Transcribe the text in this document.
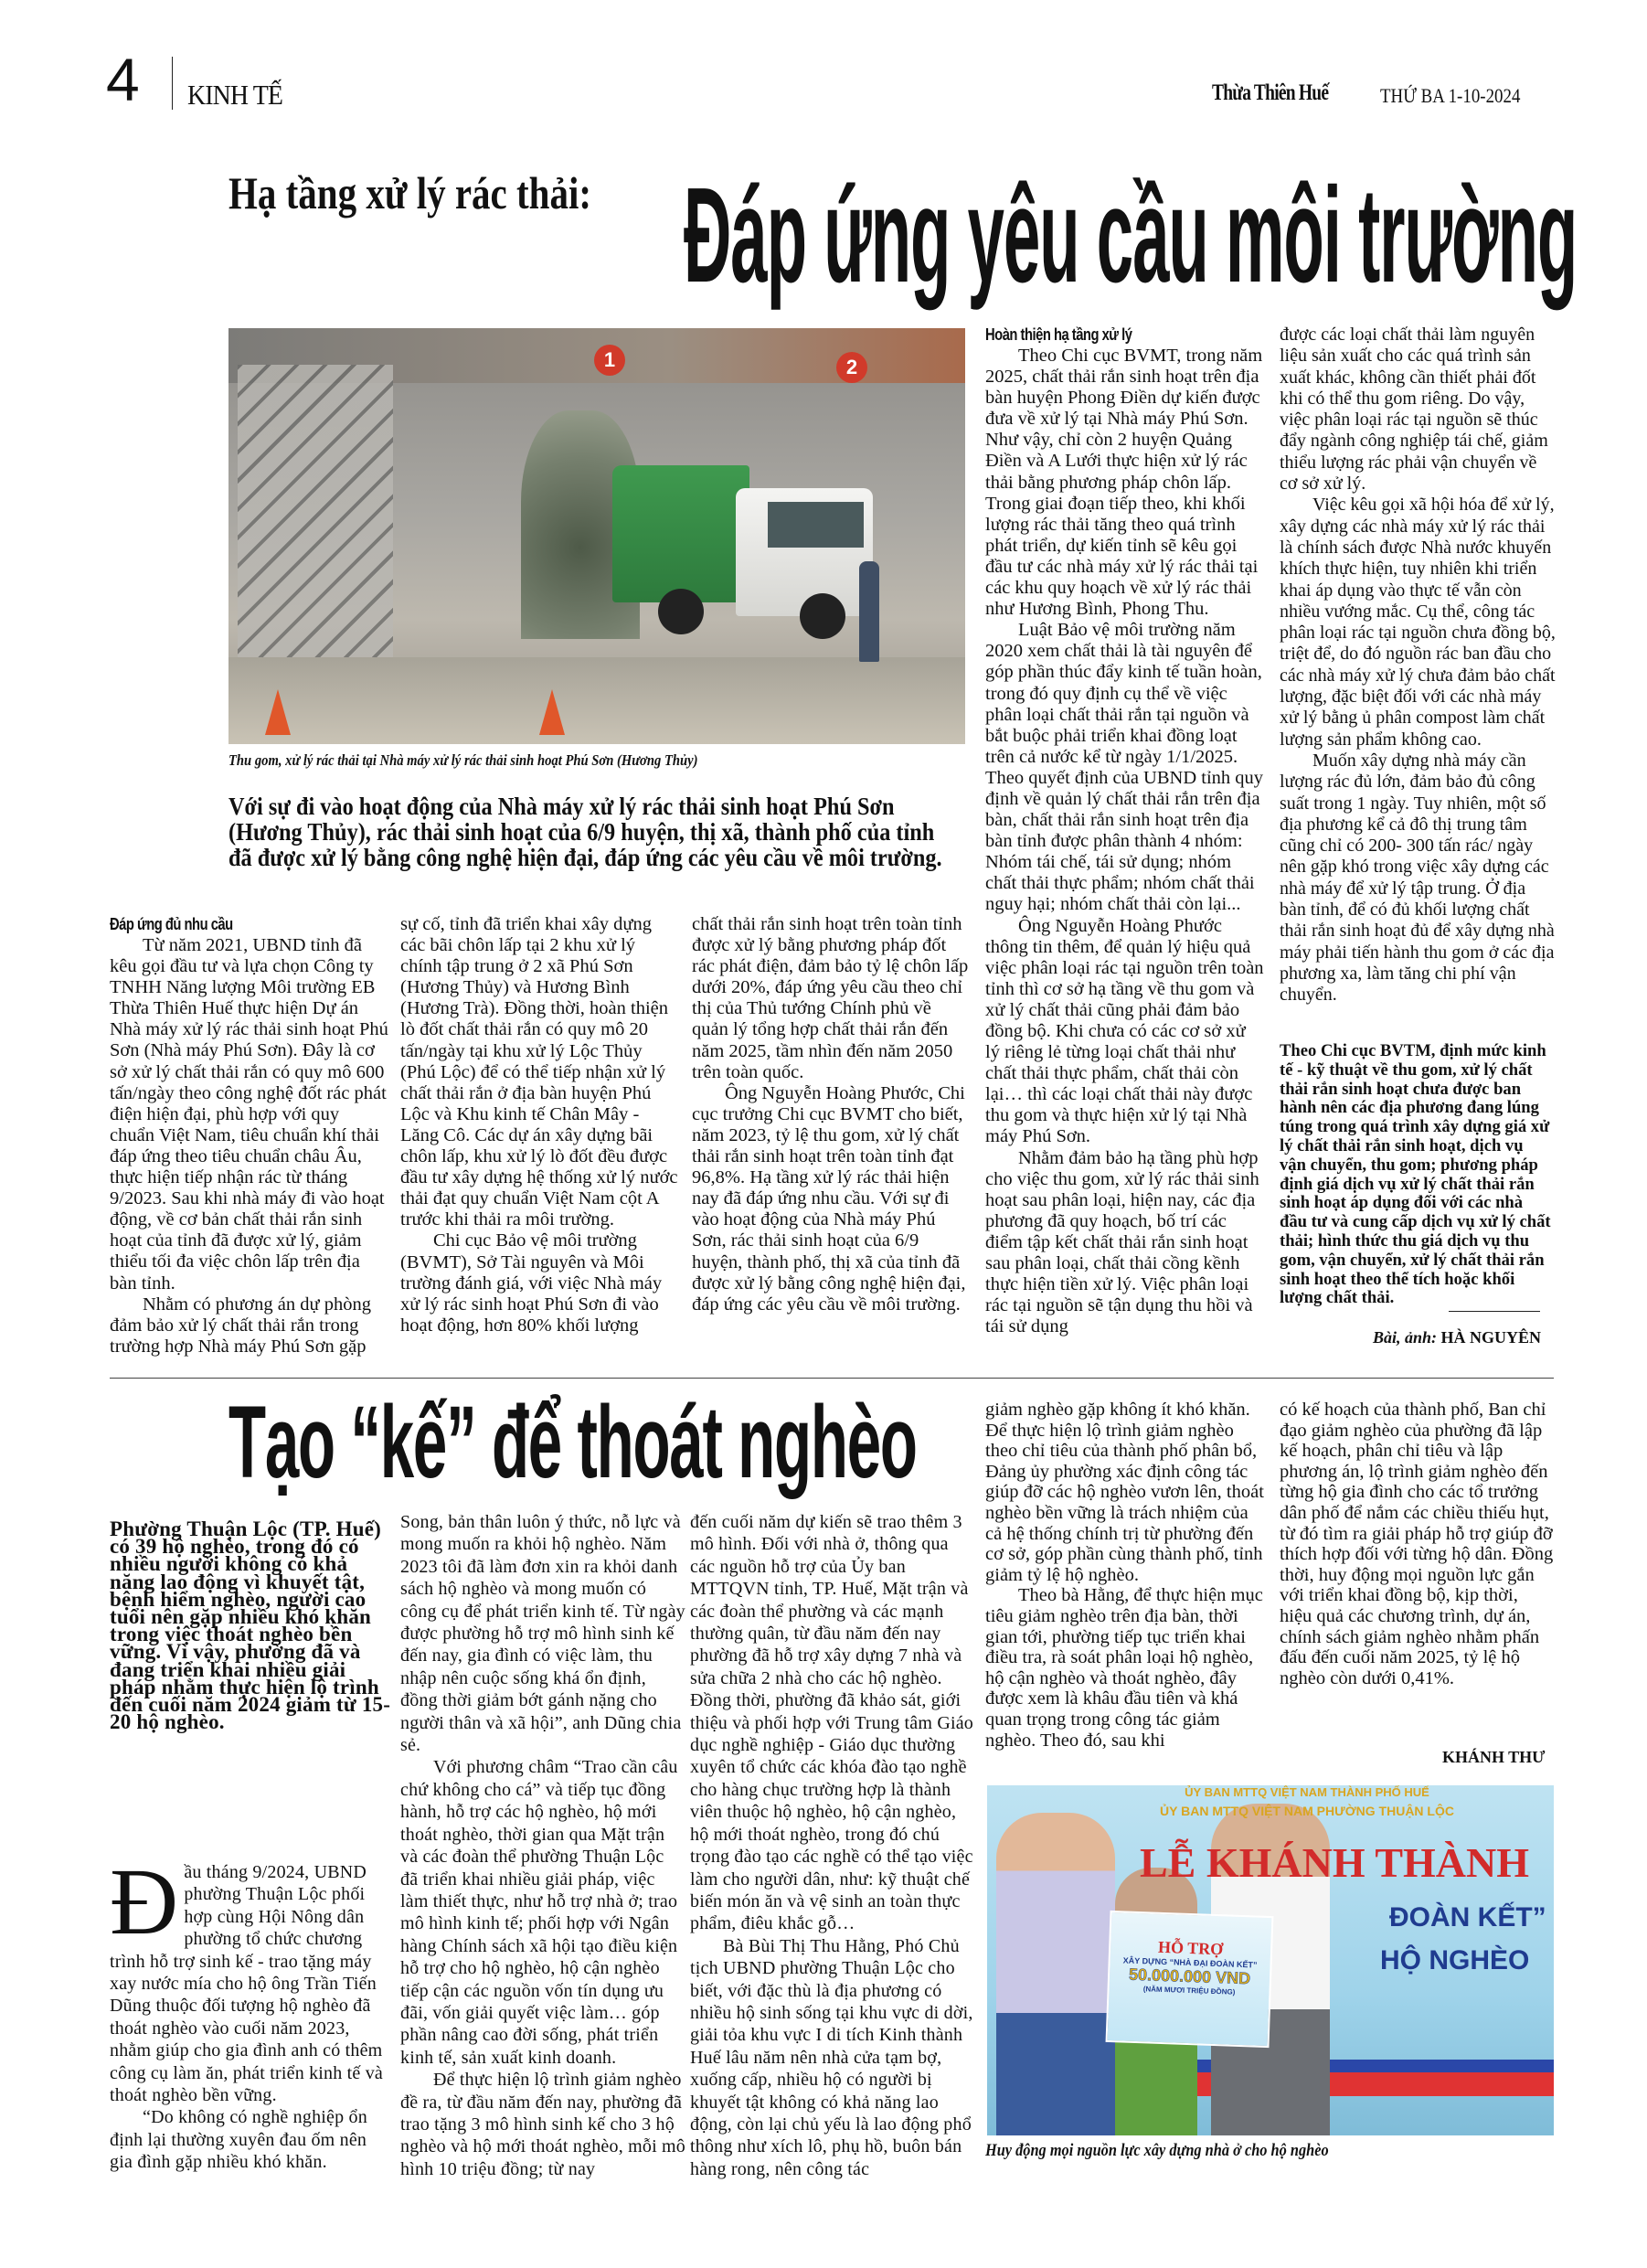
4 KINH TẾ	Thừa Thiên Huế	THỨ BA 1-10-2024
Hạ tầng xử lý rác thải: Đáp ứng yêu cầu môi trường
1	2
Thu gom, xử lý rác thải tại Nhà máy xử lý rác thải sinh hoạt Phú Sơn (Hương Thủy)
Với sự đi vào hoạt động của Nhà máy xử lý rác thải sinh hoạt Phú Sơn (Hương Thủy), rác thải sinh hoạt của 6/9 huyện, thị xã, thành phố của tỉnh đã được xử lý bằng công nghệ hiện đại, đáp ứng các yêu cầu về môi trường.
Đáp ứng đủ nhu cầu

Từ năm 2021, UBND tỉnh đã kêu gọi đầu tư và lựa chọn Công ty TNHH Năng lượng Môi trường EB Thừa Thiên Huế thực hiện Dự án Nhà máy xử lý rác thải sinh hoạt Phú Sơn (Nhà máy Phú Sơn). Đây là cơ sở xử lý chất thải rắn có quy mô 600 tấn/ngày theo công nghệ đốt rác phát điện hiện đại, phù hợp với quy chuẩn Việt Nam, tiêu chuẩn khí thải đáp ứng theo tiêu chuẩn châu Âu, thực hiện tiếp nhận rác từ tháng 9/2023. Sau khi nhà máy đi vào hoạt động, về cơ bản chất thải rắn sinh hoạt của tỉnh đã được xử lý, giảm thiểu tối đa việc chôn lấp trên địa bàn tỉnh.

Nhằm có phương án dự phòng đảm bảo xử lý chất thải rắn trong trường hợp Nhà máy Phú Sơn gặp

sự cố, tỉnh đã triển khai xây dựng các bãi chôn lấp tại 2 khu xử lý chính tập trung ở 2 xã Phú Sơn (Hương Thủy) và Hương Bình (Hương Trà). Đồng thời, hoàn thiện lò đốt chất thải rắn có quy mô 20 tấn/ngày tại khu xử lý Lộc Thủy (Phú Lộc) để có thể tiếp nhận xử lý chất thải rắn ở địa bàn huyện Phú Lộc và Khu kinh tế Chân Mây - Lăng Cô. Các dự án xây dựng bãi chôn lấp, khu xử lý lò đốt đều được đầu tư xây dựng hệ thống xử lý nước thải đạt quy chuẩn Việt Nam cột A trước khi thải ra môi trường.

Chi cục Bảo vệ môi trường (BVMT), Sở Tài nguyên và Môi trường đánh giá, với việc Nhà máy xử lý rác sinh hoạt Phú Sơn đi vào hoạt động, hơn 80% khối lượng

chất thải rắn sinh hoạt trên toàn tỉnh được xử lý bằng phương pháp đốt rác phát điện, đảm bảo tỷ lệ chôn lấp dưới 20%, đáp ứng yêu cầu theo chỉ thị của Thủ tướng Chính phủ về quản lý tổng hợp chất thải rắn đến năm 2025, tầm nhìn đến năm 2050 trên toàn quốc.

Ông Nguyễn Hoàng Phước, Chi cục trưởng Chi cục BVMT cho biết, năm 2023, tỷ lệ thu gom, xử lý chất thải rắn sinh hoạt trên toàn tỉnh đạt 96,8%. Hạ tầng xử lý rác thải hiện nay đã đáp ứng nhu cầu. Với sự đi vào hoạt động của Nhà máy Phú Sơn, rác thải sinh hoạt của 6/9 huyện, thành phố, thị xã của tỉnh đã được xử lý bằng công nghệ hiện đại, đáp ứng các yêu cầu về môi trường.

Hoàn thiện hạ tầng xử lý

Theo Chi cục BVMT, trong năm 2025, chất thải rắn sinh hoạt trên địa bàn huyện Phong Điền dự kiến được đưa về xử lý tại Nhà máy Phú Sơn. Như vậy, chỉ còn 2 huyện Quảng Điền và A Lưới thực hiện xử lý rác thải bằng phương pháp chôn lấp. Trong giai đoạn tiếp theo, khi khối lượng rác thải tăng theo quá trình phát triển, dự kiến tỉnh sẽ kêu gọi đầu tư các nhà máy xử lý rác thải tại các khu quy hoạch về xử lý rác thải như Hương Bình, Phong Thu.

Luật Bảo vệ môi trường năm 2020 xem chất thải là tài nguyên để góp phần thúc đẩy kinh tế tuần hoàn, trong đó quy định cụ thể về việc phân loại chất thải rắn tại nguồn và bắt buộc phải triển khai đồng loạt trên cả nước kể từ ngày 1/1/2025. Theo quyết định của UBND tỉnh quy định về quản lý chất thải rắn trên địa bàn, chất thải rắn sinh hoạt trên địa bàn tỉnh được phân thành 4 nhóm: Nhóm tái chế, tái sử dụng; nhóm chất thải thực phẩm; nhóm chất thải nguy hại; nhóm chất thải còn lại...

Ông Nguyễn Hoàng Phước thông tin thêm, để quản lý hiệu quả việc phân loại rác tại nguồn trên toàn tỉnh thì cơ sở hạ tầng về thu gom và xử lý chất thải cũng phải đảm bảo đồng bộ. Khi chưa có các cơ sở xử lý riêng lẻ từng loại chất thải như chất thải thực phẩm, chất thải còn lại… thì các loại chất thải này được thu gom và thực hiện xử lý tại Nhà máy Phú Sơn.

Nhằm đảm bảo hạ tầng phù hợp cho việc thu gom, xử lý rác thải sinh hoạt sau phân loại, hiện nay, các địa phương đã quy hoạch, bố trí các điểm tập kết chất thải rắn sinh hoạt sau phân loại, chất thải cồng kềnh thực hiện tiền xử lý. Việc phân loại rác tại nguồn sẽ tận dụng thu hồi và tái sử dụng

được các loại chất thải làm nguyên liệu sản xuất cho các quá trình sản xuất khác, không cần thiết phải đốt khi có thể thu gom riêng. Do vậy, việc phân loại rác tại nguồn sẽ thúc đẩy ngành công nghiệp tái chế, giảm thiểu lượng rác phải vận chuyển về cơ sở xử lý.

Việc kêu gọi xã hội hóa để xử lý, xây dựng các nhà máy xử lý rác thải là chính sách được Nhà nước khuyến khích thực hiện, tuy nhiên khi triển khai áp dụng vào thực tế vẫn còn nhiều vướng mắc. Cụ thể, công tác phân loại rác tại nguồn chưa đồng bộ, triệt để, do đó nguồn rác ban đầu cho các nhà máy xử lý chưa đảm bảo chất lượng, đặc biệt đối với các nhà máy xử lý bằng ủ phân compost làm chất lượng sản phẩm không cao.

Muốn xây dựng nhà máy cần lượng rác đủ lớn, đảm bảo đủ công suất trong 1 ngày. Tuy nhiên, một số địa phương kể cả đô thị trung tâm cũng chỉ có 200- 300 tấn rác/ ngày nên gặp khó trong việc xây dựng các nhà máy để xử lý tập trung. Ở địa bàn tỉnh, để có đủ khối lượng chất thải rắn sinh hoạt đủ để xây dựng nhà máy phải tiến hành thu gom ở các địa phương xa, làm tăng chi phí vận chuyển.

Theo Chi cục BVTM, định mức kinh tế - kỹ thuật về thu gom, xử lý chất thải rắn sinh hoạt chưa được ban hành nên các địa phương đang lúng túng trong quá trình xây dựng giá xử lý chất thải rắn sinh hoạt, dịch vụ vận chuyển, thu gom; phương pháp định giá dịch vụ xử lý chất thải rắn sinh hoạt áp dụng đối với các nhà đầu tư và cung cấp dịch vụ xử lý chất thải; hình thức thu giá dịch vụ thu gom, vận chuyển, xử lý chất thải rắn sinh hoạt theo thể tích hoặc khối lượng chất thải.
Bài, ảnh: HÀ NGUYÊN
Tạo “kế” để thoát nghèo
Phường Thuận Lộc (TP. Huế) có 39 hộ nghèo, trong đó có nhiều người không có khả năng lao động vì khuyết tật, bệnh hiểm nghèo, người cao tuổi nên gặp nhiều khó khăn trong việc thoát nghèo bền vững. Vì vậy, phường đã và đang triển khai nhiều giải pháp nhằm thực hiện lộ trình đến cuối năm 2024 giảm từ 15- 20 hộ nghèo.

Đầu tháng 9/2024, UBND phường Thuận Lộc phối hợp cùng Hội Nông dân phường tổ chức chương trình hỗ trợ sinh kế - trao tặng máy xay nước mía cho hộ ông Trần Tiến Dũng thuộc đối tượng hộ nghèo đã thoát nghèo vào cuối năm 2023, nhằm giúp cho gia đình anh có thêm công cụ làm ăn, phát triển kinh tế và thoát nghèo bền vững.

“Do không có nghề nghiệp ổn định lại thường xuyên đau ốm nên gia đình gặp nhiều khó khăn.

Song, bản thân luôn ý thức, nỗ lực và mong muốn ra khỏi hộ nghèo. Năm 2023 tôi đã làm đơn xin ra khỏi danh sách hộ nghèo và mong muốn có công cụ để phát triển kinh tế. Từ ngày được phường hỗ trợ mô hình sinh kế đến nay, gia đình có việc làm, thu nhập nên cuộc sống khá ổn định, đồng thời giảm bớt gánh nặng cho người thân và xã hội”, anh Dũng chia sẻ.

Với phương châm “Trao cần câu chứ không cho cá” và tiếp tục đồng hành, hỗ trợ các hộ nghèo, hộ mới thoát nghèo, thời gian qua Mặt trận và các đoàn thể phường Thuận Lộc đã triển khai nhiều giải pháp, việc làm thiết thực, như hỗ trợ nhà ở; trao mô hình kinh tế; phối hợp với Ngân hàng Chính sách xã hội tạo điều kiện hỗ trợ cho hộ nghèo, hộ cận nghèo tiếp cận các nguồn vốn tín dụng ưu đãi, vốn giải quyết việc làm… góp phần nâng cao đời sống, phát triển kinh tế, sản xuất kinh doanh.

Để thực hiện lộ trình giảm nghèo đề ra, từ đầu năm đến nay, phường đã trao tặng 3 mô hình sinh kế cho 3 hộ nghèo và hộ mới thoát nghèo, mỗi mô hình 10 triệu đồng; từ nay

đến cuối năm dự kiến sẽ trao thêm 3 mô hình. Đối với nhà ở, thông qua các nguồn hỗ trợ của Ủy ban MTTQVN tỉnh, TP. Huế, Mặt trận và các đoàn thể phường và các mạnh thường quân, từ đầu năm đến nay phường đã hỗ trợ xây dựng 7 nhà và sửa chữa 2 nhà cho các hộ nghèo. Đồng thời, phường đã khảo sát, giới thiệu và phối hợp với Trung tâm Giáo dục nghề nghiệp - Giáo dục thường xuyên tổ chức các khóa đào tạo nghề cho hàng chục trường hợp là thành viên thuộc hộ nghèo, hộ cận nghèo, hộ mới thoát nghèo, trong đó chú trọng đào tạo các nghề có thể tạo việc làm cho người dân, như: kỹ thuật chế biến món ăn và vệ sinh an toàn thực phẩm, điêu khắc gỗ…

Bà Bùi Thị Thu Hằng, Phó Chủ tịch UBND phường Thuận Lộc cho biết, với đặc thù là địa phương có nhiều hộ sinh sống tại khu vực di dời, giải tỏa khu vực I di tích Kinh thành Huế lâu năm nên nhà cửa tạm bợ, xuống cấp, nhiều hộ có người bị khuyết tật không có khả năng lao động, còn lại chủ yếu là lao động phổ thông như xích lô, phụ hồ, buôn bán hàng rong, nên công tác

giảm nghèo gặp không ít khó khăn. Để thực hiện lộ trình giảm nghèo theo chỉ tiêu của thành phố phân bổ, Đảng ủy phường xác định công tác giúp đỡ các hộ nghèo vươn lên, thoát nghèo bền vững là trách nhiệm của cả hệ thống chính trị từ phường đến cơ sở, góp phần cùng thành phố, tỉnh giảm tỷ lệ hộ nghèo.

Theo bà Hằng, để thực hiện mục tiêu giảm nghèo trên địa bàn, thời gian tới, phường tiếp tục triển khai điều tra, rà soát phân loại hộ nghèo, hộ cận nghèo và thoát nghèo, đây được xem là khâu đầu tiên và khá quan trọng trong công tác giảm nghèo. Theo đó, sau khi

có kế hoạch của thành phố, Ban chỉ đạo giảm nghèo của phường đã lập kế hoạch, phân chỉ tiêu và lập phương án, lộ trình giảm nghèo đến từng hộ gia đình cho các tổ trưởng dân phố để nắm các chiều thiếu hụt, từ đó tìm ra giải pháp hỗ trợ giúp đỡ thích hợp đối với từng hộ dân. Đồng thời, huy động mọi nguồn lực gắn với triển khai đồng bộ, kịp thời, hiệu quả các chương trình, dự án, chính sách giảm nghèo nhằm phấn đấu đến cuối năm 2025, tỷ lệ hộ nghèo còn dưới 0,41%.

KHÁNH THƯ
ỦY BAN MTTQ VIỆT NAM THÀNH PHỐ HUẾ
ỦY BAN MTTQ VIỆT NAM PHƯỜNG THUẬN LỘC
LỄ KHÁNH THÀNH
ĐOÀN KẾT”
HỘ NGHÈO
HỖ TRỢ
XÂY DỰNG “NHÀ ĐẠI ĐOÀN KẾT”
50.000.000 VND
(NĂM MƯƠI TRIỆU ĐỒNG)
Huy động mọi nguồn lực xây dựng nhà ở cho hộ nghèo
